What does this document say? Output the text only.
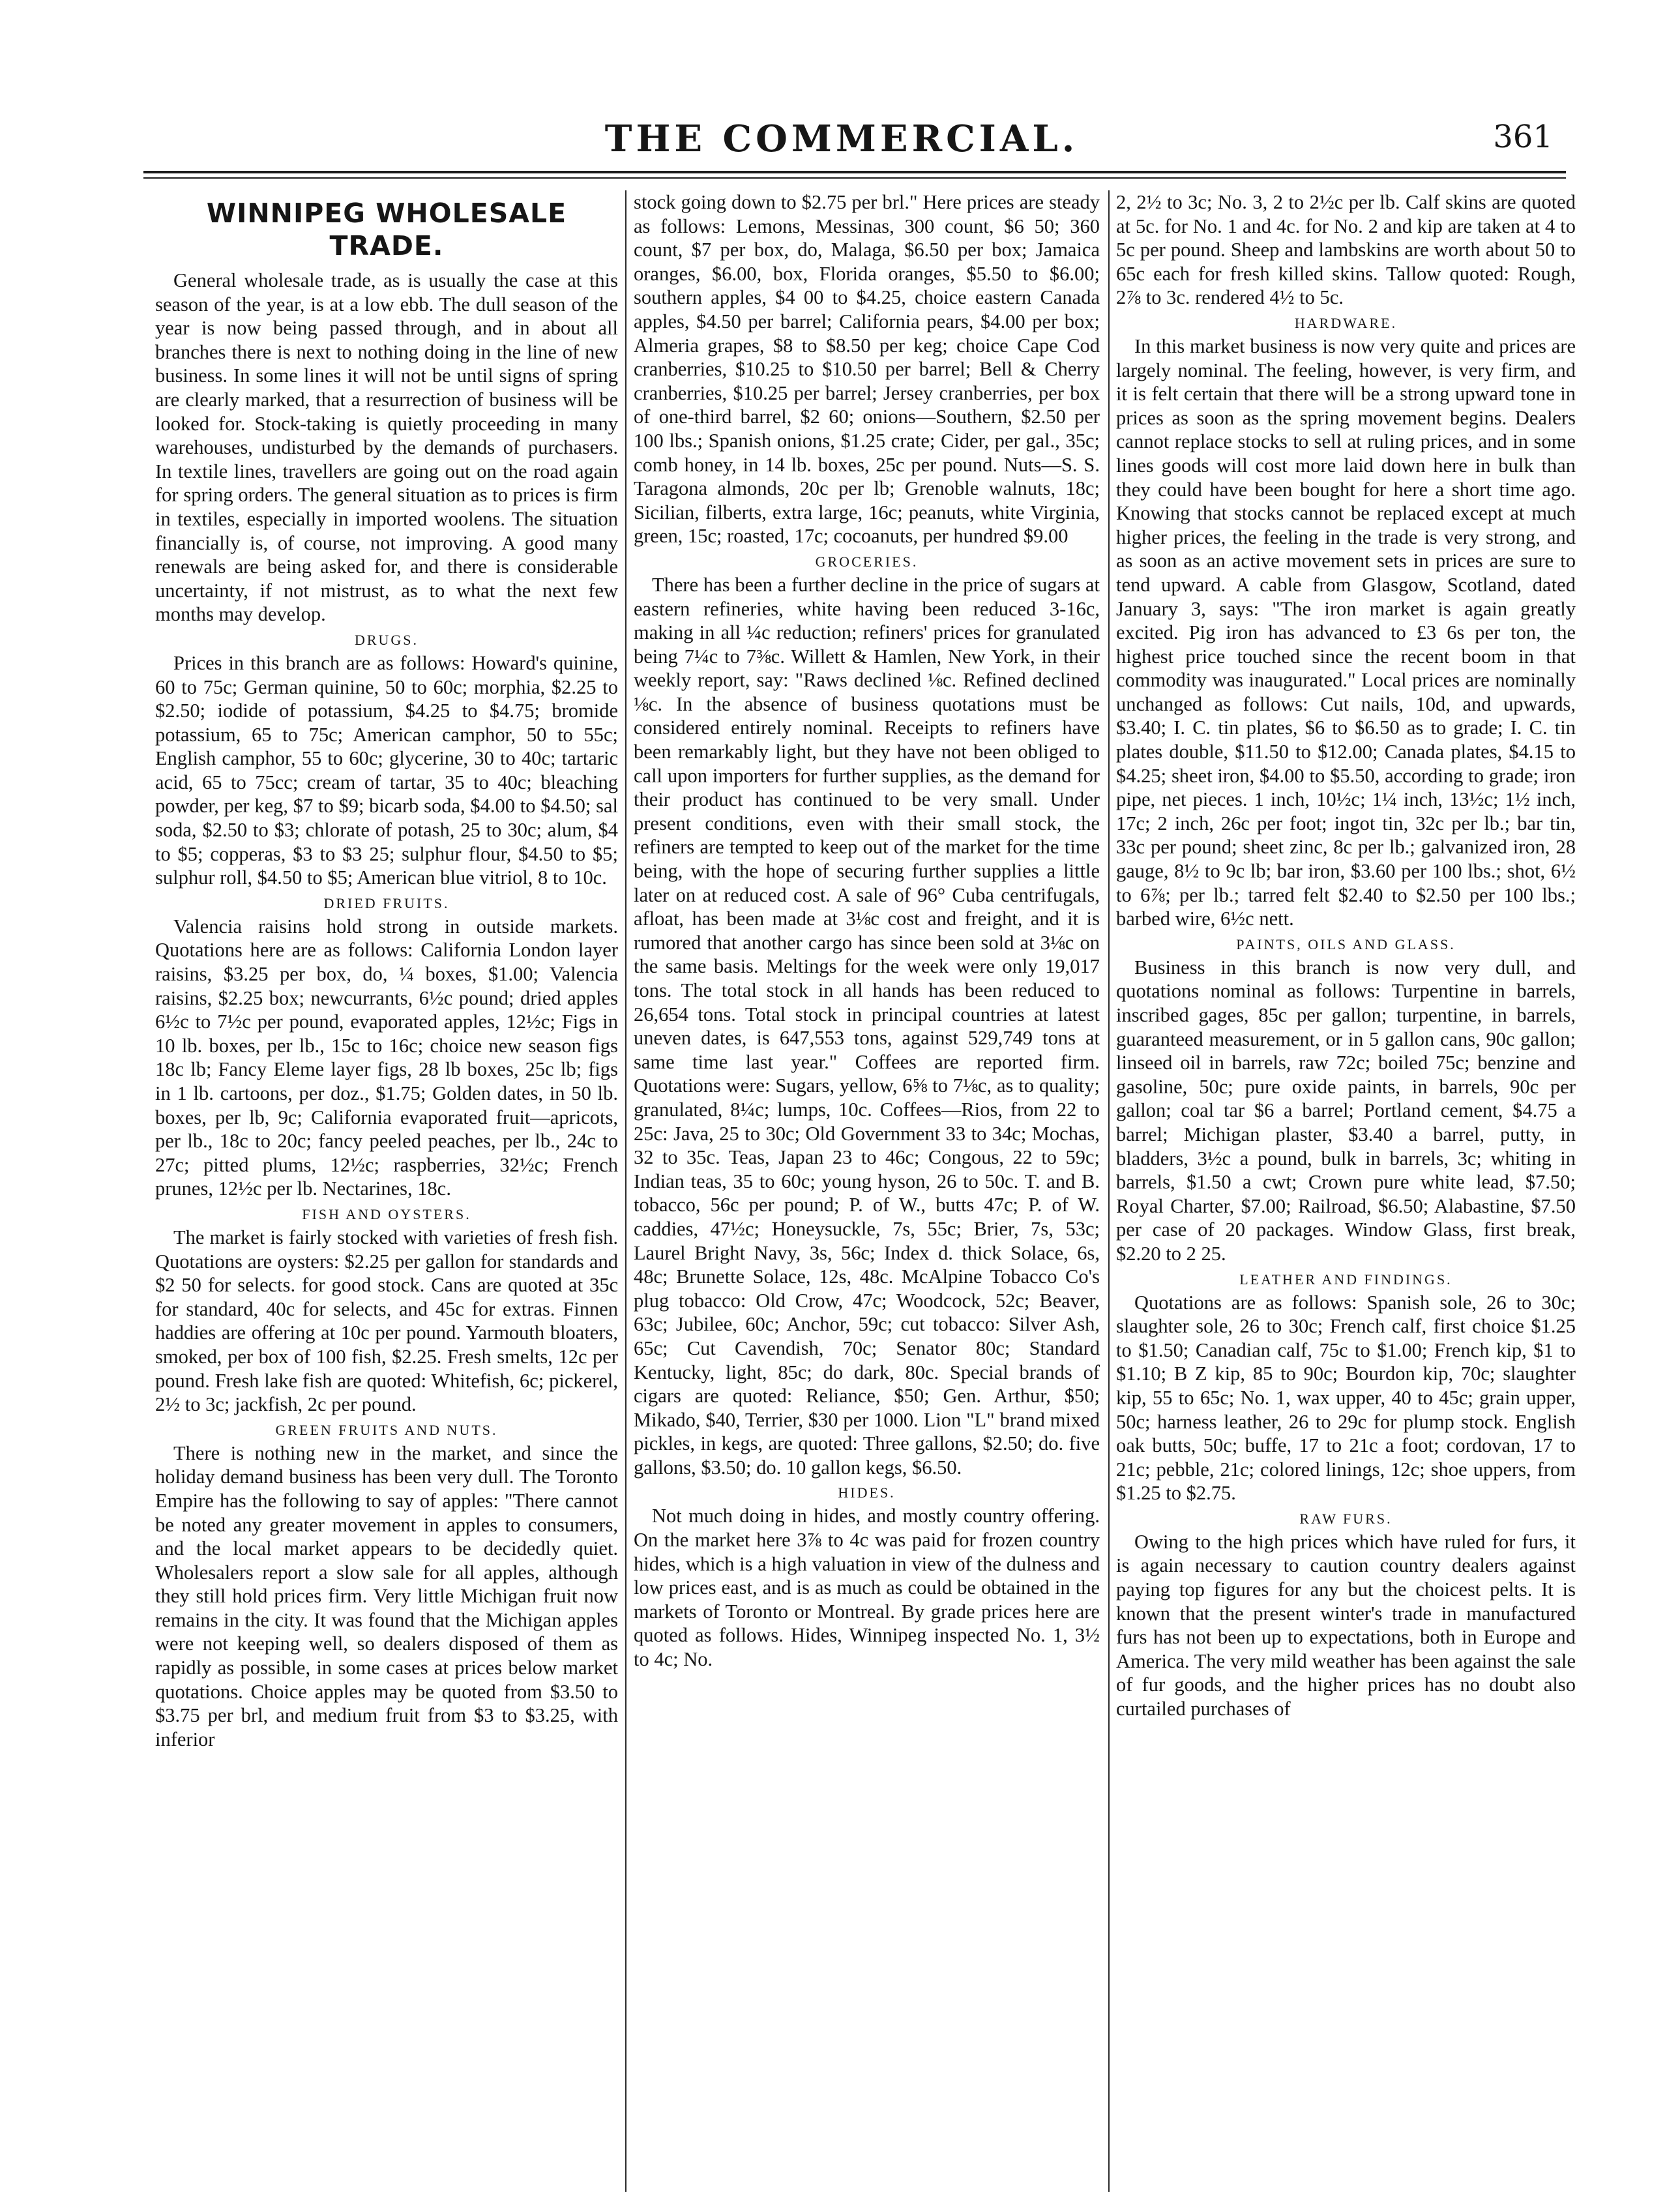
THE COMMERCIAL.	361
WINNIPEG WHOLESALE TRADE.

General wholesale trade, as is usually the case at this season of the year, is at a low ebb. The dull season of the year is now being passed through, and in about all branches there is next to nothing doing in the line of new business. In some lines it will not be until signs of spring are clearly marked, that a resurrection of business will be looked for. Stock-taking is quietly proceeding in many warehouses, undisturbed by the demands of purchasers. In textile lines, travellers are going out on the road again for spring orders. The general situation as to prices is firm in textiles, especially in imported woolens. The situation financially is, of course, not improving. A good many renewals are being asked for, and there is considerable uncertainty, if not mistrust, as to what the next few months may develop.

DRUGS.

Prices in this branch are as follows: Howard's quinine, 60 to 75c; German quinine, 50 to 60c; morphia, $2.25 to $2.50; iodide of potassium, $4.25 to $4.75; bromide potassium, 65 to 75c; American camphor, 50 to 55c; English camphor, 55 to 60c; glycerine, 30 to 40c; tartaric acid, 65 to 75cc; cream of tartar, 35 to 40c; bleaching powder, per keg, $7 to $9; bicarb soda, $4.00 to $4.50; sal soda, $2.50 to $3; chlorate of potash, 25 to 30c; alum, $4 to $5; copperas, $3 to $3 25; sulphur flour, $4.50 to $5; sulphur roll, $4.50 to $5; American blue vitriol, 8 to 10c.

DRIED FRUITS.

Valencia raisins hold strong in outside markets. Quotations here are as follows: California London layer raisins, $3.25 per box, do, ¼ boxes, $1.00; Valencia raisins, $2.25 box; newcurrants, 6½c pound; dried apples 6½c to 7½c per pound, evaporated apples, 12½c; Figs in 10 lb. boxes, per lb., 15c to 16c; choice new season figs 18c lb; Fancy Eleme layer figs, 28 lb boxes, 25c lb; figs in 1 lb. cartoons, per doz., $1.75; Golden dates, in 50 lb. boxes, per lb, 9c; California evaporated fruit—apricots, per lb., 18c to 20c; fancy peeled peaches, per lb., 24c to 27c; pitted plums, 12½c; raspberries, 32½c; French prunes, 12½c per lb. Nectarines, 18c.

FISH AND OYSTERS.

The market is fairly stocked with varieties of fresh fish. Quotations are oysters: $2.25 per gallon for standards and $2 50 for selects. for good stock. Cans are quoted at 35c for standard, 40c for selects, and 45c for extras. Finnen haddies are offering at 10c per pound. Yarmouth bloaters, smoked, per box of 100 fish, $2.25. Fresh smelts, 12c per pound. Fresh lake fish are quoted: Whitefish, 6c; pickerel, 2½ to 3c; jackfish, 2c per pound.

GREEN FRUITS AND NUTS.

There is nothing new in the market, and since the holiday demand business has been very dull. The Toronto Empire has the following to say of apples: "There cannot be noted any greater movement in apples to consumers, and the local market appears to be decidedly quiet. Wholesalers report a slow sale for all apples, although they still hold prices firm. Very little Michigan fruit now remains in the city. It was found that the Michigan apples were not keeping well, so dealers disposed of them as rapidly as possible, in some cases at prices below market quotations. Choice apples may be quoted from $3.50 to $3.75 per brl, and medium fruit from $3 to $3.25, with inferior

stock going down to $2.75 per brl." Here prices are steady as follows: Lemons, Messinas, 300 count, $6 50; 360 count, $7 per box, do, Malaga, $6.50 per box; Jamaica oranges, $6.00, box, Florida oranges, $5.50 to $6.00; southern apples, $4 00 to $4.25, choice eastern Canada apples, $4.50 per barrel; California pears, $4.00 per box; Almeria grapes, $8 to $8.50 per keg; choice Cape Cod cranberries, $10.25 to $10.50 per barrel; Bell & Cherry cranberries, $10.25 per barrel; Jersey cranberries, per box of one-third barrel, $2 60; onions—Southern, $2.50 per 100 lbs.; Spanish onions, $1.25 crate; Cider, per gal., 35c; comb honey, in 14 lb. boxes, 25c per pound. Nuts—S. S. Taragona almonds, 20c per lb; Grenoble walnuts, 18c; Sicilian, filberts, extra large, 16c; peanuts, white Virginia, green, 15c; roasted, 17c; cocoanuts, per hundred $9.00

GROCERIES.

There has been a further decline in the price of sugars at eastern refineries, white having been reduced 3-16c, making in all ¼c reduction; refiners' prices for granulated being 7¼c to 7⅜c. Willett & Hamlen, New York, in their weekly report, say: "Raws declined ⅛c. Refined declined ⅛c. In the absence of business quotations must be considered entirely nominal. Receipts to refiners have been remarkably light, but they have not been obliged to call upon importers for further supplies, as the demand for their product has continued to be very small. Under present conditions, even with their small stock, the refiners are tempted to keep out of the market for the time being, with the hope of securing further supplies a little later on at reduced cost. A sale of 96° Cuba centrifugals, afloat, has been made at 3⅛c cost and freight, and it is rumored that another cargo has since been sold at 3⅛c on the same basis. Meltings for the week were only 19,017 tons. The total stock in all hands has been reduced to 26,654 tons. Total stock in principal countries at latest uneven dates, is 647,553 tons, against 529,749 tons at same time last year." Coffees are reported firm. Quotations were: Sugars, yellow, 6⅝ to 7⅛c, as to quality; granulated, 8¼c; lumps, 10c. Coffees—Rios, from 22 to 25c: Java, 25 to 30c; Old Government 33 to 34c; Mochas, 32 to 35c. Teas, Japan 23 to 46c; Congous, 22 to 59c; Indian teas, 35 to 60c; young hyson, 26 to 50c. T. and B. tobacco, 56c per pound; P. of W., butts 47c; P. of W. caddies, 47½c; Honeysuckle, 7s, 55c; Brier, 7s, 53c; Laurel Bright Navy, 3s, 56c; Index d. thick Solace, 6s, 48c; Brunette Solace, 12s, 48c. McAlpine Tobacco Co's plug tobacco: Old Crow, 47c; Woodcock, 52c; Beaver, 63c; Jubilee, 60c; Anchor, 59c; cut tobacco: Silver Ash, 65c; Cut Cavendish, 70c; Senator 80c; Standard Kentucky, light, 85c; do dark, 80c. Special brands of cigars are quoted: Reliance, $50; Gen. Arthur, $50; Mikado, $40, Terrier, $30 per 1000. Lion "L" brand mixed pickles, in kegs, are quoted: Three gallons, $2.50; do. five gallons, $3.50; do. 10 gallon kegs, $6.50.

HIDES.

Not much doing in hides, and mostly country offering. On the market here 3⅞ to 4c was paid for frozen country hides, which is a high valuation in view of the dulness and low prices east, and is as much as could be obtained in the markets of Toronto or Montreal. By grade prices here are quoted as follows. Hides, Winnipeg inspected No. 1, 3½ to 4c; No.

2, 2½ to 3c; No. 3, 2 to 2½c per lb. Calf skins are quoted at 5c. for No. 1 and 4c. for No. 2 and kip are taken at 4 to 5c per pound. Sheep and lambskins are worth about 50 to 65c each for fresh killed skins. Tallow quoted: Rough, 2⅞ to 3c. rendered 4½ to 5c.

HARDWARE.

In this market business is now very quite and prices are largely nominal. The feeling, however, is very firm, and it is felt certain that there will be a strong upward tone in prices as soon as the spring movement begins. Dealers cannot replace stocks to sell at ruling prices, and in some lines goods will cost more laid down here in bulk than they could have been bought for here a short time ago. Knowing that stocks cannot be replaced except at much higher prices, the feeling in the trade is very strong, and as soon as an active movement sets in prices are sure to tend upward. A cable from Glasgow, Scotland, dated January 3, says: "The iron market is again greatly excited. Pig iron has advanced to £3 6s per ton, the highest price touched since the recent boom in that commodity was inaugurated." Local prices are nominally unchanged as follows: Cut nails, 10d, and upwards, $3.40; I. C. tin plates, $6 to $6.50 as to grade; I. C. tin plates double, $11.50 to $12.00; Canada plates, $4.15 to $4.25; sheet iron, $4.00 to $5.50, according to grade; iron pipe, net pieces. 1 inch, 10½c; 1¼ inch, 13½c; 1½ inch, 17c; 2 inch, 26c per foot; ingot tin, 32c per lb.; bar tin, 33c per pound; sheet zinc, 8c per lb.; galvanized iron, 28 gauge, 8½ to 9c lb; bar iron, $3.60 per 100 lbs.; shot, 6½ to 6⅞; per lb.; tarred felt $2.40 to $2.50 per 100 lbs.; barbed wire, 6½c nett.

PAINTS, OILS AND GLASS.

Business in this branch is now very dull, and quotations nominal as follows: Turpentine in barrels, inscribed gages, 85c per gallon; turpentine, in barrels, guaranteed measurement, or in 5 gallon cans, 90c gallon; linseed oil in barrels, raw 72c; boiled 75c; benzine and gasoline, 50c; pure oxide paints, in barrels, 90c per gallon; coal tar $6 a barrel; Portland cement, $4.75 a barrel; Michigan plaster, $3.40 a barrel, putty, in bladders, 3½c a pound, bulk in barrels, 3c; whiting in barrels, $1.50 a cwt; Crown pure white lead, $7.50; Royal Charter, $7.00; Railroad, $6.50; Alabastine, $7.50 per case of 20 packages. Window Glass, first break, $2.20 to 2 25.

LEATHER AND FINDINGS.

Quotations are as follows: Spanish sole, 26 to 30c; slaughter sole, 26 to 30c; French calf, first choice $1.25 to $1.50; Canadian calf, 75c to $1.00; French kip, $1 to $1.10; B Z kip, 85 to 90c; Bourdon kip, 70c; slaughter kip, 55 to 65c; No. 1, wax upper, 40 to 45c; grain upper, 50c; harness leather, 26 to 29c for plump stock. English oak butts, 50c; buffe, 17 to 21c a foot; cordovan, 17 to 21c; pebble, 21c; colored linings, 12c; shoe uppers, from $1.25 to $2.75.

RAW FURS.

Owing to the high prices which have ruled for furs, it is again necessary to caution country dealers against paying top figures for any but the choicest pelts. It is known that the present winter's trade in manufactured furs has not been up to expectations, both in Europe and America. The very mild weather has been against the sale of fur goods, and the higher prices has no doubt also curtailed purchases of
